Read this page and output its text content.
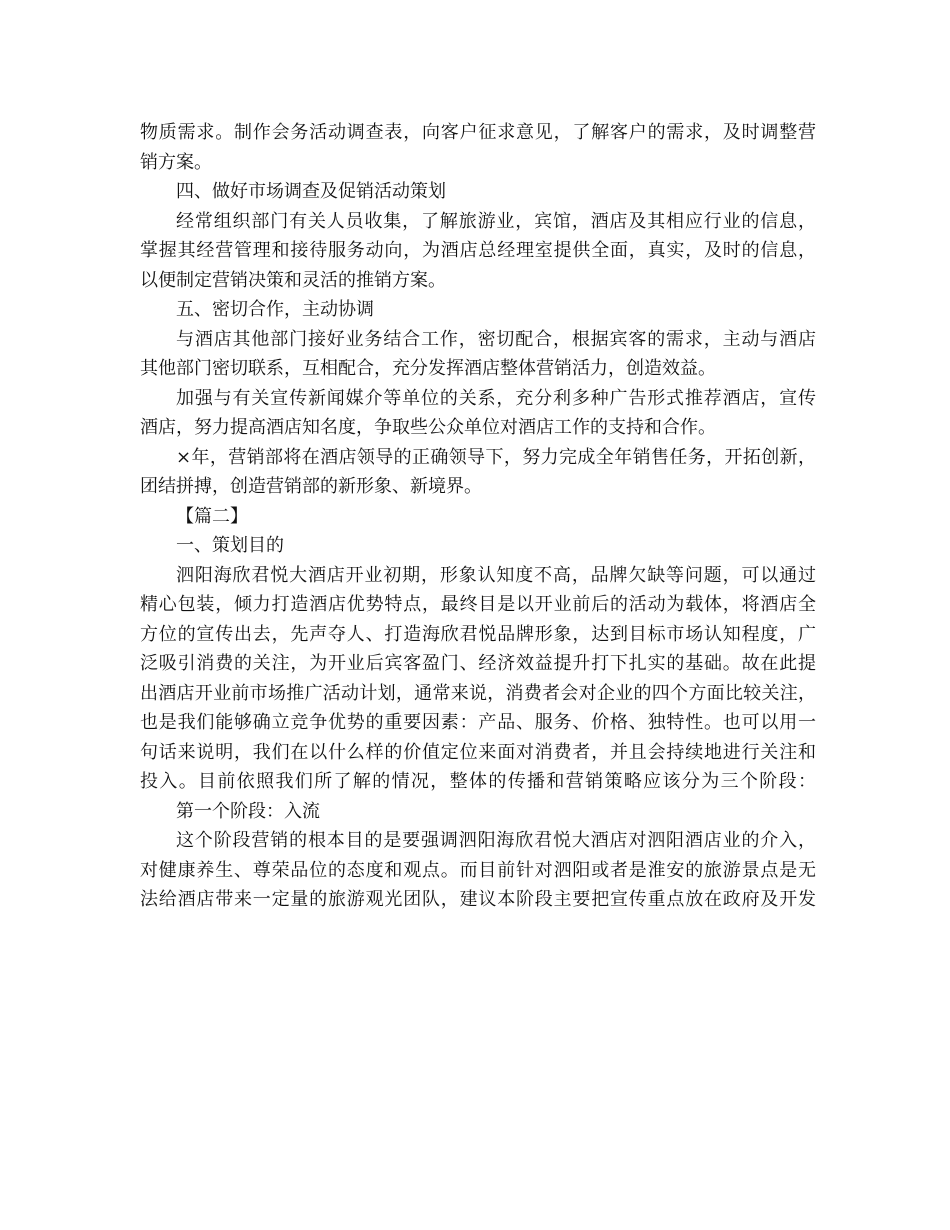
物质需求。制作会务活动调查表，向客户征求意见，了解客户的需求，及时调整营

销方案。

四、做好市场调查及促销活动策划

经常组织部门有关人员收集，了解旅游业，宾馆，酒店及其相应行业的信息，

掌握其经营管理和接待服务动向，为酒店总经理室提供全面，真实，及时的信息，

以便制定营销决策和灵活的推销方案。

五、密切合作，主动协调

与酒店其他部门接好业务结合工作，密切配合，根据宾客的需求，主动与酒店

其他部门密切联系，互相配合，充分发挥酒店整体营销活力，创造效益。

加强与有关宣传新闻媒介等单位的关系，充分利多种广告形式推荐酒店，宣传

酒店，努力提高酒店知名度，争取些公众单位对酒店工作的支持和合作。

×年，营销部将在酒店领导的正确领导下，努力完成全年销售任务，开拓创新，

团结拼搏，创造营销部的新形象、新境界。

【篇二】

一、策划目的

泗阳海欣君悦大酒店开业初期，形象认知度不高，品牌欠缺等问题，可以通过

精心包装，倾力打造酒店优势特点，最终目是以开业前后的活动为载体，将酒店全

方位的宣传出去，先声夺人、打造海欣君悦品牌形象，达到目标市场认知程度，广

泛吸引消费的关注，为开业后宾客盈门、经济效益提升打下扎实的基础。故在此提

出酒店开业前市场推广活动计划，通常来说，消费者会对企业的四个方面比较关注，

也是我们能够确立竞争优势的重要因素：产品、服务、价格、独特性。也可以用一

句话来说明，我们在以什么样的价值定位来面对消费者，并且会持续地进行关注和

投入。目前依照我们所了解的情况，整体的传播和营销策略应该分为三个阶段：

第一个阶段：入流

这个阶段营销的根本目的是要强调泗阳海欣君悦大酒店对泗阳酒店业的介入，

对健康养生、尊荣品位的态度和观点。而目前针对泗阳或者是淮安的旅游景点是无

法给酒店带来一定量的旅游观光团队，建议本阶段主要把宣传重点放在政府及开发
